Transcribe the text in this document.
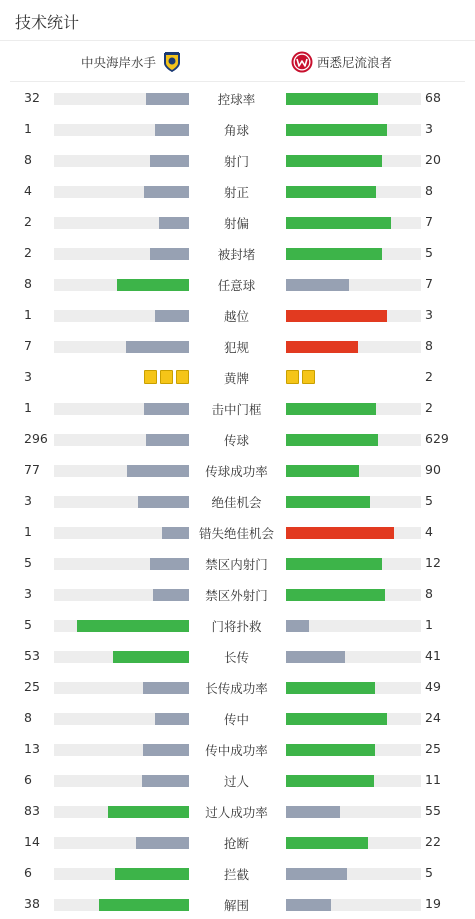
技术统计
中央海岸水手	西悉尼流浪者
32	控球率	68
1	角球	3
8	射门	20
4	射正	8
2	射偏	7
2	被封堵	5
8	任意球	7
1	越位	3
7	犯规	8
3	黄牌	2
1	击中门框	2
296	传球	629
77	传球成功率	90
3	绝佳机会	5
1	错失绝佳机会	4
5	禁区内射门	12
3	禁区外射门	8
5	门将扑救	1
53	长传	41
25	长传成功率	49
8	传中	24
13	传中成功率	25
6	过人	11
83	过人成功率	55
14	抢断	22
6	拦截	5
38	解围	19
